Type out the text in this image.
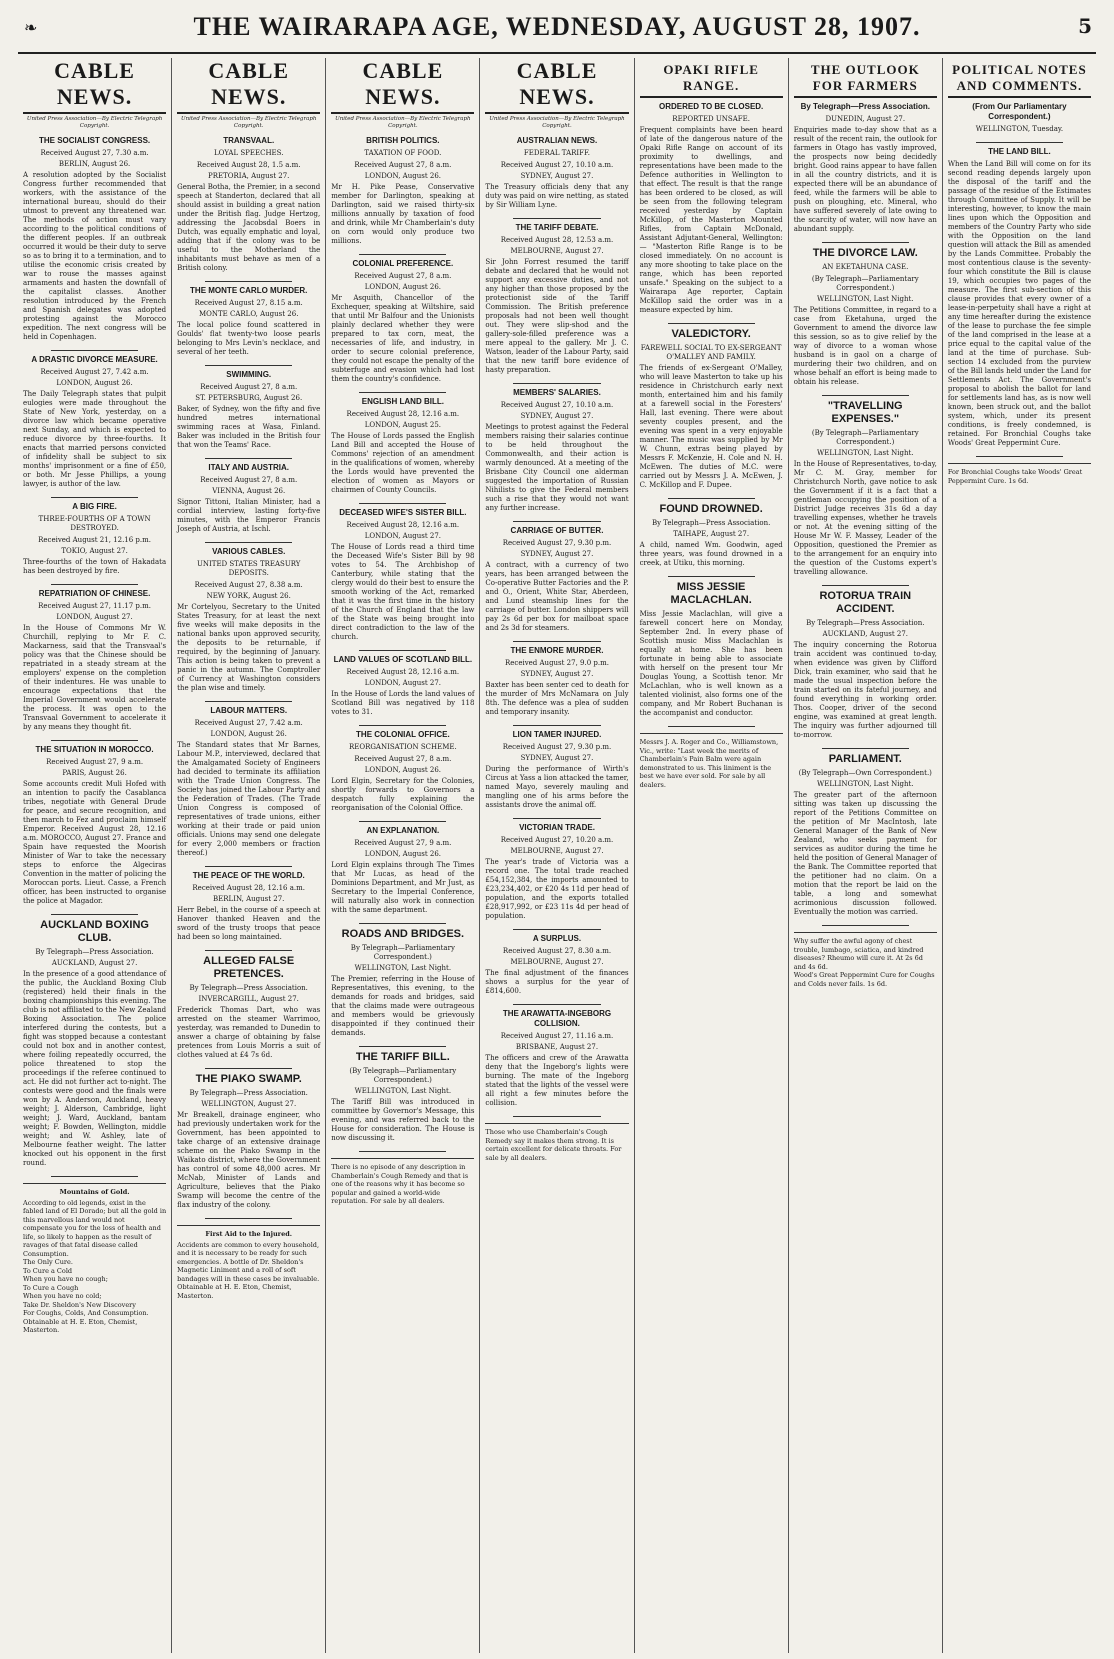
❧	THE WAIRARAPA AGE, WEDNESDAY, AUGUST 28, 1907.	5
CABLE NEWS.
United Press Association—By Electric Telegraph Copyright.
THE SOCIALIST CONGRESS.
Received August 27, 7.30 a.m.
BERLIN, August 26.

A resolution adopted by the Socialist Congress further recommended that workers, with the assistance of the international bureau, should do their utmost to prevent any threatened war. The methods of action must vary according to the political conditions of the different peoples. If an outbreak occurred it would be their duty to serve so as to bring it to a termination, and to utilise the economic crisis created by war to rouse the masses against armaments and hasten the downfall of the capitalist classes. Another resolution introduced by the French and Spanish delegates was adopted protesting against the Morocco expedition. The next congress will be held in Copenhagen.

A DRASTIC DIVORCE MEASURE.
Received August 27, 7.42 a.m.
LONDON, August 26.

The Daily Telegraph states that pulpit eulogies were made throughout the State of New York, yesterday, on a divorce law which became operative next Sunday, and which is expected to reduce divorce by three-fourths. It enacts that married persons convicted of infidelity shall be subject to six months' imprisonment or a fine of £50, or both. Mr Jesse Phillips, a young lawyer, is author of the law.

A BIG FIRE.
THREE-FOURTHS OF A TOWN DESTROYED.
Received August 21, 12.16 p.m.
TOKIO, August 27.

Three-fourths of the town of Hakadata has been destroyed by fire.

REPATRIATION OF CHINESE.
Received August 27, 11.17 p.m.
LONDON, August 27.

In the House of Commons Mr W. Churchill, replying to Mr F. C. Mackarness, said that the Transvaal's policy was that the Chinese should be repatriated in a steady stream at the employers' expense on the completion of their indentures. He was unable to encourage expectations that the Imperial Government would accelerate the process. It was open to the Transvaal Government to accelerate it by any means they thought fit.

THE SITUATION IN MOROCCO.
Received August 27, 9 a.m.
PARIS, August 26.

Some accounts credit Muli Hofed with an intention to pacify the Casablanca tribes, negotiate with General Drude for peace, and secure recognition, and then march to Fez and proclaim himself Emperor. Received August 28, 12.16 a.m. MOROCCO, August 27. France and Spain have requested the Moorish Minister of War to take the necessary steps to enforce the Algeciras Convention in the matter of policing the Moroccan ports. Lieut. Casse, a French officer, has been instructed to organise the police at Magador.

AUCKLAND BOXING CLUB.
By Telegraph—Press Association.
AUCKLAND, August 27.

In the presence of a good attendance of the public, the Auckland Boxing Club (registered) held their finals in the boxing championships this evening. The club is not affiliated to the New Zealand Boxing Association. The police interfered during the contests, but a fight was stopped because a contestant could not box and in another contest, where foiling repeatedly occurred, the police threatened to stop the proceedings if the referee continued to act. He did not further act to-night. The contests were good and the finals were won by A. Anderson, Auckland, heavy weight; J. Alderson, Cambridge, light weight; J. Ward, Auckland, bantam weight; F. Bowden, Wellington, middle weight; and W. Ashley, late of Melbourne feather weight. The latter knocked out his opponent in the first round.

Mountains of Gold.
According to old legends, exist in the fabled land of El Dorado; but all the gold in this marvellous land would not compensate you for the loss of health and life, so likely to happen as the result of ravages of that fatal disease called Consumption.
The Only Cure.
To Cure a Cold
When you have no cough;
To Cure a Cough
When you have no cold;
Take Dr. Sheldon's New Discovery
For Coughs, Colds, And Consumption.
Obtainable at H. E. Eton, Chemist, Masterton.
CABLE NEWS.
United Press Association—By Electric Telegraph Copyright.
TRANSVAAL.
LOYAL SPEECHES.
Received August 28, 1.5 a.m.
PRETORIA, August 27.

General Botha, the Premier, in a second speech at Standerton, declared that all should assist in building a great nation under the British flag. Judge Hertzog, addressing the Jacobsdal Boers in Dutch, was equally emphatic and loyal, adding that if the colony was to be useful to the Motherland the inhabitants must behave as men of a British colony.

THE MONTE CARLO MURDER.
Received August 27, 8.15 a.m.
MONTE CARLO, August 26.

The local police found scattered in Goulds' flat twenty-two loose pearls belonging to Mrs Levin's necklace, and several of her teeth.

SWIMMING.
Received August 27, 8 a.m.
ST. PETERSBURG, August 26.

Baker, of Sydney, won the fifty and five hundred metres international swimming races at Wasa, Finland. Baker was included in the British four that won the Teams' Race.

ITALY AND AUSTRIA.
Received August 27, 8 a.m.
VIENNA, August 26.

Signor Tittoni, Italian Minister, had a cordial interview, lasting forty-five minutes, with the Emperor Francis Joseph of Austria, at Ischl.

VARIOUS CABLES.
UNITED STATES TREASURY DEPOSITS.
Received August 27, 8.38 a.m.
NEW YORK, August 26.

Mr Cortelyou, Secretary to the United States Treasury, for at least the next five weeks will make deposits in the national banks upon approved security, the deposits to be returnable, if required, by the beginning of January. This action is being taken to prevent a panic in the autumn. The Comptroller of Currency at Washington considers the plan wise and timely.

LABOUR MATTERS.
Received August 27, 7.42 a.m.
LONDON, August 26.

The Standard states that Mr Barnes, Labour M.P., interviewed, declared that the Amalgamated Society of Engineers had decided to terminate its affiliation with the Trade Union Congress. The Society has joined the Labour Party and the Federation of Trades. (The Trade Union Congress is composed of representatives of trade unions, either working at their trade or paid union officials. Unions may send one delegate for every 2,000 members or fraction thereof.)

THE PEACE OF THE WORLD.
Received August 28, 12.16 a.m.
BERLIN, August 27.

Herr Bebel, in the course of a speech at Hanover thanked Heaven and the sword of the trusty troops that peace had been so long maintained.

ALLEGED FALSE PRETENCES.
By Telegraph—Press Association.
INVERCARGILL, August 27.

Frederick Thomas Dart, who was arrested on the steamer Warrimoo, yesterday, was remanded to Dunedin to answer a charge of obtaining by false pretences from Louis Morris a suit of clothes valued at £4 7s 6d.

THE PIAKO SWAMP.
By Telegraph—Press Association.
WELLINGTON, August 27.

Mr Breakell, drainage engineer, who had previously undertaken work for the Government, has been appointed to take charge of an extensive drainage scheme on the Piako Swamp in the Waikato district, where the Government has control of some 48,000 acres. Mr McNab, Minister of Lands and Agriculture, believes that the Piako Swamp will become the centre of the flax industry of the colony.

First Aid to the Injured.
Accidents are common to every household, and it is necessary to be ready for such emergencies. A bottle of Dr. Sheldon's Magnetic Liniment and a roll of soft bandages will in these cases be invaluable.
Obtainable at H. E. Eton, Chemist, Masterton.
CABLE NEWS.
United Press Association—By Electric Telegraph Copyright.
BRITISH POLITICS.
TAXATION OF FOOD.
Received August 27, 8 a.m.
LONDON, August 26.

Mr H. Pike Pease, Conservative member for Darlington, speaking at Darlington, said we raised thirty-six millions annually by taxation of food and drink, while Mr Chamberlain's duty on corn would only produce two millions.

COLONIAL PREFERENCE.
Received August 27, 8 a.m.
LONDON, August 26.

Mr Asquith, Chancellor of the Exchequer, speaking at Wiltshire, said that until Mr Balfour and the Unionists plainly declared whether they were prepared to tax corn, meat, the necessaries of life, and industry, in order to secure colonial preference, they could not escape the penalty of the subterfuge and evasion which had lost them the country's confidence.

ENGLISH LAND BILL.
Received August 28, 12.16 a.m.
LONDON, August 25.

The House of Lords passed the English Land Bill and accepted the House of Commons' rejection of an amendment in the qualifications of women, whereby the Lords would have prevented the election of women as Mayors or chairmen of County Councils.

DECEASED WIFE'S SISTER BILL.
Received August 28, 12.16 a.m.
LONDON, August 27.

The House of Lords read a third time the Deceased Wife's Sister Bill by 98 votes to 54. The Archbishop of Canterbury, while stating that the clergy would do their best to ensure the smooth working of the Act, remarked that it was the first time in the history of the Church of England that the law of the State was being brought into direct contradiction to the law of the church.

LAND VALUES OF SCOTLAND BILL.
Received August 28, 12.16 a.m.
LONDON, August 27.

In the House of Lords the land values of Scotland Bill was negatived by 118 votes to 31.

THE COLONIAL OFFICE.
REORGANISATION SCHEME.
Received August 27, 8 a.m.
LONDON, August 26.

Lord Elgin, Secretary for the Colonies, shortly forwards to Governors a despatch fully explaining the reorganisation of the Colonial Office.

AN EXPLANATION.
Received August 27, 9 a.m.
LONDON, August 26.

Lord Elgin explains through The Times that Mr Lucas, as head of the Dominions Department, and Mr Just, as Secretary to the Imperial Conference, will naturally also work in connection with the same department.

ROADS AND BRIDGES.
By Telegraph—Parliamentary Correspondent.)
WELLINGTON, Last Night.

The Premier, referring in the House of Representatives, this evening, to the demands for roads and bridges, said that the claims made were outrageous and members would be grievously disappointed if they continued their demands.

THE TARIFF BILL.
(By Telegraph—Parliamentary Correspondent.)
WELLINGTON, Last Night.

The Tariff Bill was introduced in committee by Governor's Message, this evening, and was referred back to the House for consideration. The House is now discussing it.

There is no episode of any description in Chamberlain's Cough Remedy and that is one of the reasons why it has become so popular and gained a world-wide reputation. For sale by all dealers.
CABLE NEWS.
United Press Association—By Electric Telegraph Copyright.
AUSTRALIAN NEWS.
FEDERAL TARIFF.
Received August 27, 10.10 a.m.
SYDNEY, August 27.

The Treasury officials deny that any duty was paid on wire netting, as stated by Sir William Lyne.

THE TARIFF DEBATE.
Received August 28, 12.53 a.m.
MELBOURNE, August 27.

Sir John Forrest resumed the tariff debate and declared that he would not support any excessive duties, and not any higher than those proposed by the protectionist side of the Tariff Commission. The British preference proposals had not been well thought out. They were slip-shod and the gallery-sole-filled preference was a mere appeal to the gallery. Mr J. C. Watson, leader of the Labour Party, said that the new tariff bore evidence of hasty preparation.

MEMBERS' SALARIES.
Received August 27, 10.10 a.m.
SYDNEY, August 27.

Meetings to protest against the Federal members raising their salaries continue to be held throughout the Commonwealth, and their action is warmly denounced. At a meeting of the Brisbane City Council one alderman suggested the importation of Russian Nihilists to give the Federal members such a rise that they would not want any further increase.

CARRIAGE OF BUTTER.
Received August 27, 9.30 p.m.
SYDNEY, August 27.

A contract, with a currency of two years, has been arranged between the Co-operative Butter Factories and the P. and O., Orient, White Star, Aberdeen, and Lund steamship lines for the carriage of butter. London shippers will pay 2s 6d per box for mailboat space and 2s 3d for steamers.

THE ENMORE MURDER.
Received August 27, 9.0 p.m.
SYDNEY, August 27.

Baxter has been senter ced to death for the murder of Mrs McNamara on July 8th. The defence was a plea of sudden and temporary insanity.

LION TAMER INJURED.
Received August 27, 9.30 p.m.
SYDNEY, August 27.

During the performance of Wirth's Circus at Yass a lion attacked the tamer, named Mayo, severely mauling and mangling one of his arms before the assistants drove the animal off.

VICTORIAN TRADE.
Received August 27, 10.20 a.m.
MELBOURNE, August 27.

The year's trade of Victoria was a record one. The total trade reached £54,152,384, the imports amounted to £23,234,402, or £20 4s 11d per head of population, and the exports totalled £28,917,992, or £23 11s 4d per head of population.

A SURPLUS.
Received August 27, 8.30 a.m.
MELBOURNE, August 27.

The final adjustment of the finances shows a surplus for the year of £814,600.

THE ARAWATTA-INGEBORG COLLISION.
Received August 27, 11.16 a.m.
BRISBANE, August 27.

The officers and crew of the Arawatta deny that the Ingeborg's lights were burning. The mate of the Ingeborg stated that the lights of the vessel were all right a few minutes before the collision.

Those who use Chamberlain's Cough Remedy say it makes them strong. It is certain excellent for delicate throats. For sale by all dealers.
OPAKI RIFLE RANGE.
ORDERED TO BE CLOSED.
REPORTED UNSAFE.

Frequent complaints have been heard of late of the dangerous nature of the Opaki Rifle Range on account of its proximity to dwellings, and representations have been made to the Defence authorities in Wellington to that effect. The result is that the range has been ordered to be closed, as will be seen from the following telegram received yesterday by Captain McKillop, of the Masterton Mounted Rifles, from Captain McDonald, Assistant Adjutant-General, Wellington:— "Masterton Rifle Range is to be closed immediately. On no account is any more shooting to take place on the range, which has been reported unsafe." Speaking on the subject to a Wairarapa Age reporter, Captain McKillop said the order was in a measure expected by him.

VALEDICTORY.
FAREWELL SOCIAL TO EX-SERGEANT O'MALLEY AND FAMILY.

The friends of ex-Sergeant O'Malley, who will leave Masterton to take up his residence in Christchurch early next month, entertained him and his family at a farewell social in the Foresters' Hall, last evening. There were about seventy couples present, and the evening was spent in a very enjoyable manner. The music was supplied by Mr W. Chunn, extras being played by Messrs F. McKenzie, H. Cole and N. H. McEwen. The duties of M.C. were carried out by Messrs J. A. McEwen, J. C. McKillop and F. Dupee.

FOUND DROWNED.
By Telegraph—Press Association.
TAIHAPE, August 27.

A child, named Wm. Goodwin, aged three years, was found drowned in a creek, at Utiku, this morning.

MISS JESSIE MACLACHLAN.

Miss Jessie Maclachlan, will give a farewell concert here on Monday, September 2nd. In every phase of Scottish music Miss Maclachlan is equally at home. She has been fortunate in being able to associate with herself on the present tour Mr Douglas Young, a Scottish tenor. Mr McLachlan, who is well known as a talented violinist, also forms one of the company, and Mr Robert Buchanan is the accompanist and conductor.

Messrs J. A. Roger and Co., Williamstown, Vic., write: "Last week the merits of Chamberlain's Pain Balm were again demonstrated to us. This liniment is the best we have ever sold. For sale by all dealers.
THE OUTLOOK FOR FARMERS
By Telegraph—Press Association.
DUNEDIN, August 27.

Enquiries made to-day show that as a result of the recent rain, the outlook for farmers in Otago has vastly improved, the prospects now being decidedly bright. Good rains appear to have fallen in all the country districts, and it is expected there will be an abundance of feed, while the farmers will be able to push on ploughing, etc. Mineral, who have suffered severely of late owing to the scarcity of water, will now have an abundant supply.

THE DIVORCE LAW.
AN EKETAHUNA CASE.
(By Telegraph—Parliamentary Correspondent.)
WELLINGTON, Last Night.

The Petitions Committee, in regard to a case from Eketahuna, urged the Government to amend the divorce law this session, so as to give relief by the way of divorce to a woman whose husband is in gaol on a charge of murdering their two children, and on whose behalf an effort is being made to obtain his release.

"TRAVELLING EXPENSES."
(By Telegraph—Parliamentary Correspondent.)
WELLINGTON, Last Night.

In the House of Representatives, to-day, Mr C. M. Gray, member for Christchurch North, gave notice to ask the Government if it is a fact that a gentleman occupying the position of a District Judge receives 31s 6d a day travelling expenses, whether he travels or not. At the evening sitting of the House Mr W. F. Massey, Leader of the Opposition, questioned the Premier as to the arrangement for an enquiry into the question of the Customs expert's travelling allowance.

ROTORUA TRAIN ACCIDENT.
By Telegraph—Press Association.
AUCKLAND, August 27.

The inquiry concerning the Rotorua train accident was continued to-day, when evidence was given by Clifford Dick, train examiner, who said that he made the usual inspection before the train started on its fateful journey, and found everything in working order. Thos. Cooper, driver of the second engine, was examined at great length. The inquiry was further adjourned till to-morrow.

PARLIAMENT.
(By Telegraph—Own Correspondent.)
WELLINGTON, Last Night.

The greater part of the afternoon sitting was taken up discussing the report of the Petitions Committee on the petition of Mr MacIntosh, late General Manager of the Bank of New Zealand, who seeks payment for services as auditor during the time he held the position of General Manager of the Bank. The Committee reported that the petitioner had no claim. On a motion that the report be laid on the table, a long and somewhat acrimonious discussion followed. Eventually the motion was carried.

Why suffer the awful agony of chest trouble, lumbago, sciatica, and kindred diseases? Rheumo will cure it. At 2s 6d and 4s 6d.
Wood's Great Peppermint Cure for Coughs and Colds never fails. 1s 6d.
POLITICAL NOTES AND COMMENTS.
(From Our Parliamentary Correspondent.)
WELLINGTON, Tuesday.
THE LAND BILL.

When the Land Bill will come on for its second reading depends largely upon the disposal of the tariff and the passage of the residue of the Estimates through Committee of Supply. It will be interesting, however, to know the main lines upon which the Opposition and members of the Country Party who side with the Opposition on the land question will attack the Bill as amended by the Lands Committee. Probably the most contentious clause is the seventy-four which constitute the Bill is clause 19, which occupies two pages of the measure. The first sub-section of this clause provides that every owner of a lease-in-perpetuity shall have a right at any time hereafter during the existence of the lease to purchase the fee simple of the land comprised in the lease at a price equal to the capital value of the land at the time of purchase. Sub-section 14 excluded from the purview of the Bill lands held under the Land for Settlements Act. The Government's proposal to abolish the ballot for land for settlements land has, as is now well known, been struck out, and the ballot system, which, under its present conditions, is freely condemned, is retained. For Bronchial Coughs take Woods' Great Peppermint Cure.

For Bronchial Coughs take Woods' Great Peppermint Cure. 1s 6d.
